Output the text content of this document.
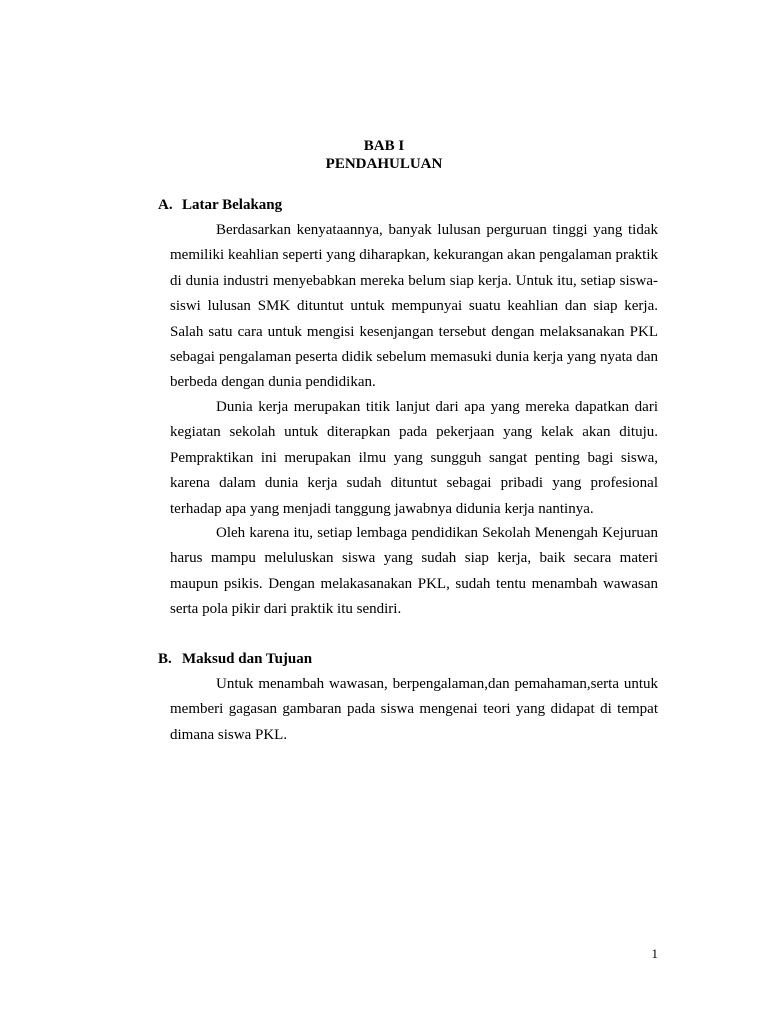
BAB I
PENDAHULUAN
A. Latar Belakang

Berdasarkan kenyataannya, banyak lulusan perguruan tinggi yang tidak memiliki keahlian seperti yang diharapkan, kekurangan akan pengalaman praktik di dunia industri menyebabkan mereka belum siap kerja. Untuk itu, setiap siswa-siswi lulusan SMK dituntut untuk mempunyai suatu keahlian dan siap kerja. Salah satu cara untuk mengisi kesenjangan tersebut dengan melaksanakan PKL sebagai pengalaman peserta didik sebelum memasuki dunia kerja yang nyata dan berbeda dengan dunia pendidikan.

Dunia kerja merupakan titik lanjut dari apa yang mereka dapatkan dari kegiatan sekolah untuk diterapkan pada pekerjaan yang kelak akan dituju. Pempraktikan ini merupakan ilmu yang sungguh sangat penting bagi siswa, karena dalam dunia kerja sudah dituntut sebagai pribadi yang profesional terhadap apa yang menjadi tanggung jawabnya didunia kerja nantinya.

Oleh karena itu, setiap lembaga pendidikan Sekolah Menengah Kejuruan harus mampu meluluskan siswa yang sudah siap kerja, baik secara materi maupun psikis. Dengan melakasanakan PKL, sudah tentu menambah wawasan serta pola pikir dari praktik itu sendiri.

B. Maksud dan Tujuan

Untuk menambah wawasan, berpengalaman,dan pemahaman,serta untuk memberi gagasan gambaran pada siswa mengenai teori yang didapat di tempat dimana siswa PKL.

1
